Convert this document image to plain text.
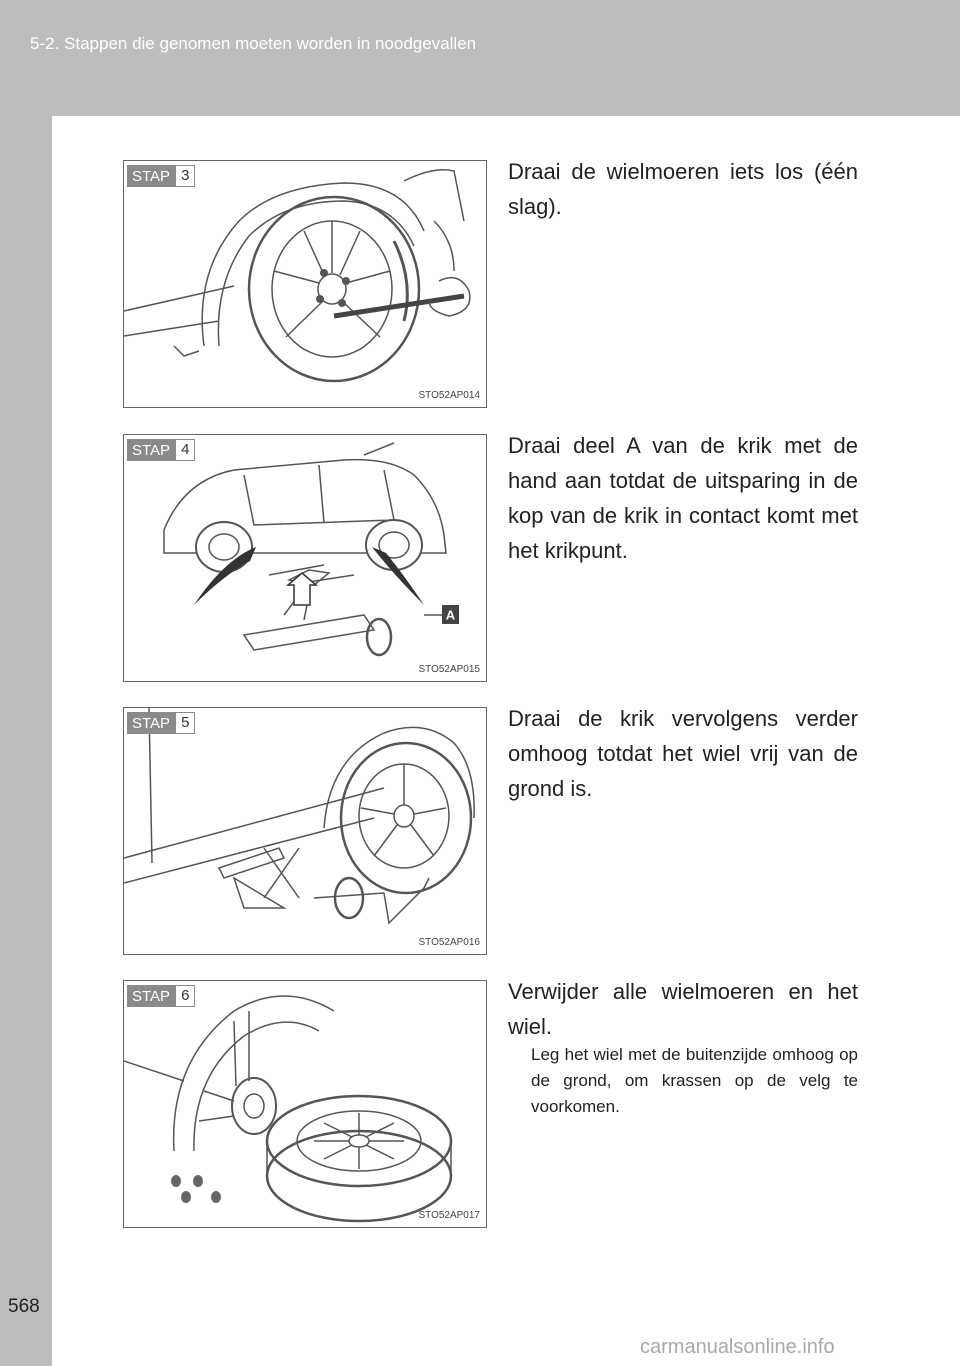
5-2. Stappen die genomen moeten worden in noodgevallen
STAP 3
STO52AP014
Draai de wielmoeren iets los (één slag).
A
STAP 4
STO52AP015
Draai deel A van de krik met de hand aan totdat de uitsparing in de kop van de krik in contact komt met het krikpunt.
STAP 5
STO52AP016
Draai de krik vervolgens verder omhoog totdat het wiel vrij van de grond is.
STAP 6
STO52AP017
Verwijder alle wielmoeren en het wiel.
Leg het wiel met de buitenzijde omhoog op de grond, om krassen op de velg te voorkomen.
568
carmanualsonline.info
